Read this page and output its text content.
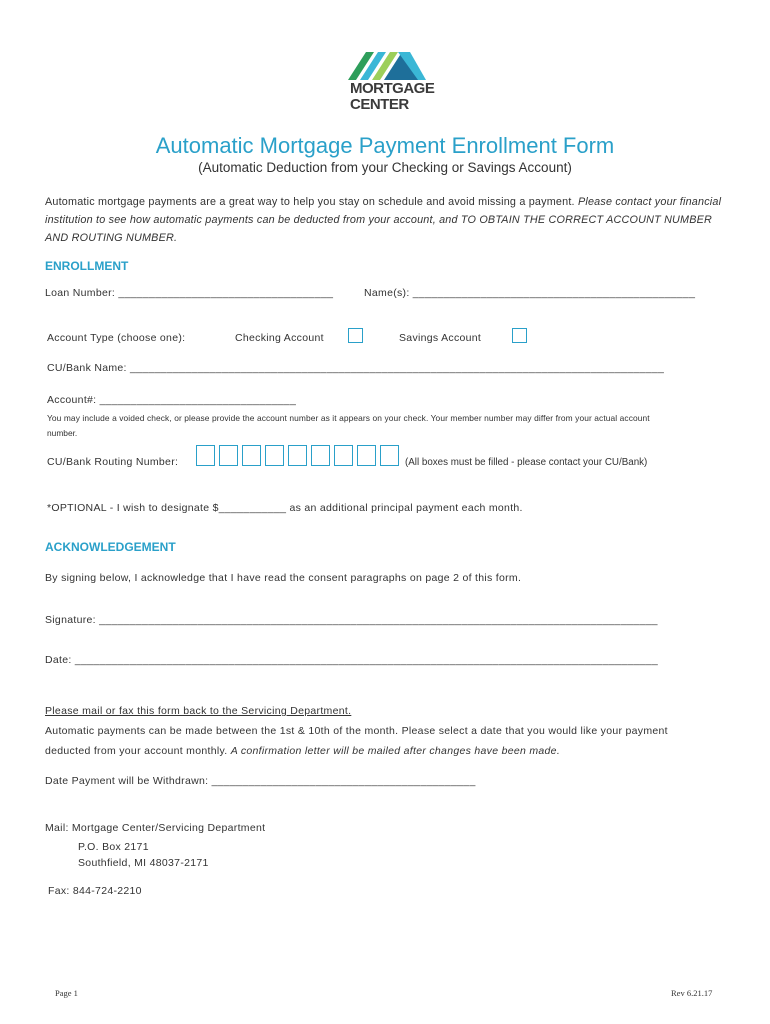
MORTGAGE
CENTER
Automatic Mortgage Payment Enrollment Form
(Automatic Deduction from your Checking or Savings Account)
Automatic mortgage payments are a great way to help you stay on schedule and avoid missing a payment. Please contact your financial institution to see how automatic payments can be deducted from your account, and TO OBTAIN THE CORRECT ACCOUNT NUMBER AND ROUTING NUMBER.
ENROLLMENT
Loan Number: ___________________________________	Name(s): ______________________________________________
Account Type (choose one):	Checking Account	Savings Account
CU/Bank Name: _______________________________________________________________________________________
Account#: ________________________________
You may include a voided check, or please provide the account number as it appears on your check. Your member number may differ from your actual account
number.
CU/Bank Routing Number:	(All boxes must be filled - please contact your CU/Bank)
*OPTIONAL - I wish to designate $___________ as an additional principal payment each month.
ACKNOWLEDGEMENT
By signing below, I acknowledge that I have read the consent paragraphs on page 2 of this form.
Signature: ___________________________________________________________________________________________
Date: _______________________________________________________________________________________________
Please mail or fax this form back to the Servicing Department.
Automatic payments can be made between the 1st & 10th of the month. Please select a date that you would like your payment
deducted from your account monthly. A confirmation letter will be mailed after changes have been made.
Date Payment will be Withdrawn: ___________________________________________
Mail: Mortgage Center/Servicing Department
P.O. Box 2171
Southfield, MI 48037-2171
Fax: 844-724-2210
Page 1	Rev 6.21.17
